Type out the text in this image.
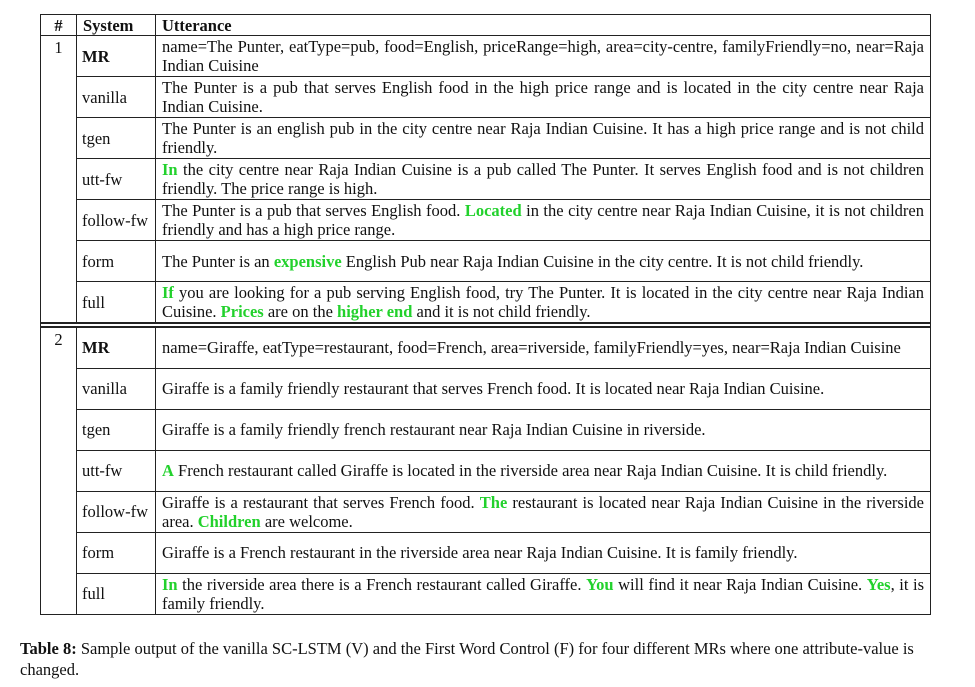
#	System	Utterance
1	MR	name=The Punter, eatType=pub, food=English, priceRange=high, area=city-centre, familyFriendly=no, near=Raja Indian Cuisine
	vanilla	The Punter is a pub that serves English food in the high price range and is located in the city centre near Raja Indian Cuisine.
	tgen	The Punter is an english pub in the city centre near Raja Indian Cuisine. It has a high price range and is not child friendly.
	utt-fw	In the city centre near Raja Indian Cuisine is a pub called The Punter. It serves English food and is not children friendly. The price range is high.
	follow-fw	The Punter is a pub that serves English food. Located in the city centre near Raja Indian Cuisine, it is not children friendly and has a high price range.
	form	The Punter is an expensive English Pub near Raja Indian Cuisine in the city centre. It is not child friendly.
	full	If you are looking for a pub serving English food, try The Punter. It is located in the city centre near Raja Indian Cuisine. Prices are on the higher end and it is not child friendly.

2	MR	name=Giraffe, eatType=restaurant, food=French, area=riverside, familyFriendly=yes, near=Raja Indian Cuisine
	vanilla	Giraffe is a family friendly restaurant that serves French food. It is located near Raja Indian Cuisine.
	tgen	Giraffe is a family friendly french restaurant near Raja Indian Cuisine in riverside.
	utt-fw	A French restaurant called Giraffe is located in the riverside area near Raja Indian Cuisine. It is child friendly.
	follow-fw	Giraffe is a restaurant that serves French food. The restaurant is located near Raja Indian Cuisine in the riverside area. Children are welcome.
	form	Giraffe is a French restaurant in the riverside area near Raja Indian Cuisine. It is family friendly.
	full	In the riverside area there is a French restaurant called Giraffe. You will find it near Raja Indian Cuisine. Yes, it is family friendly.
Table 8: Sample output of the vanilla SC-LSTM (V) and the First Word Control (F) for four different MRs where one attribute-value is changed.
